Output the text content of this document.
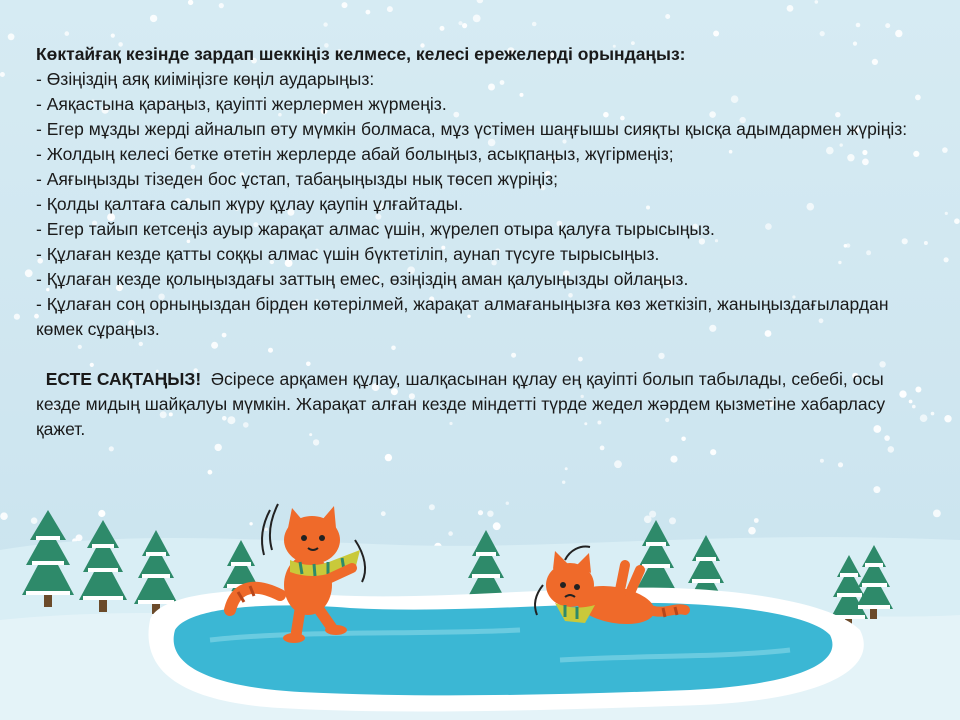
Көктайғақ кезінде зардап шеккіңіз келмесе, келесі ережелерді орындаңыз:

- Өзіңіздің аяқ киіміңізге көңіл аударыңыз:

- Аяқастына қараңыз, қауіпті жерлермен жүрмеңіз.

- Егер мұзды жерді айналып өту мүмкін болмаса, мұз үстімен шаңғышы сияқты қысқа адымдармен жүріңіз:

- Жолдың келесі бетке өтетін жерлерде абай болыңыз, асықпаңыз, жүгірмеңіз;

- Аяғыңызды тізеден бос ұстап, табаңыңызды нық төсеп жүріңіз;

- Қолды қалтаға салып жүру құлау қаупін ұлғайтады.

- Егер тайып кетсеңіз ауыр жарақат алмас үшін, жүрелеп отыра қалуға тырысыңыз.

- Құлаған кезде қатты соққы алмас үшін бүктетіліп, аунап түсуге тырысыңыз.

- Құлаған кезде қолыңыздағы заттың емес, өзіңіздің аман қалуыңызды ойлаңыз.

- Құлаған соң орныңыздан бірден көтерілмей, жарақат алмағаныңызға көз жеткізіп, жаныңыздағылардан көмек сұраңыз.

ЕСТЕ САҚТАҢЫЗ! Әсіресе арқамен құлау, шалқасынан құлау ең қауіпті болып табылады, себебі, осы кезде мидың шайқалуы мүмкін. Жарақат алған кезде міндетті түрде жедел жәрдем қызметіне хабарласу қажет.
